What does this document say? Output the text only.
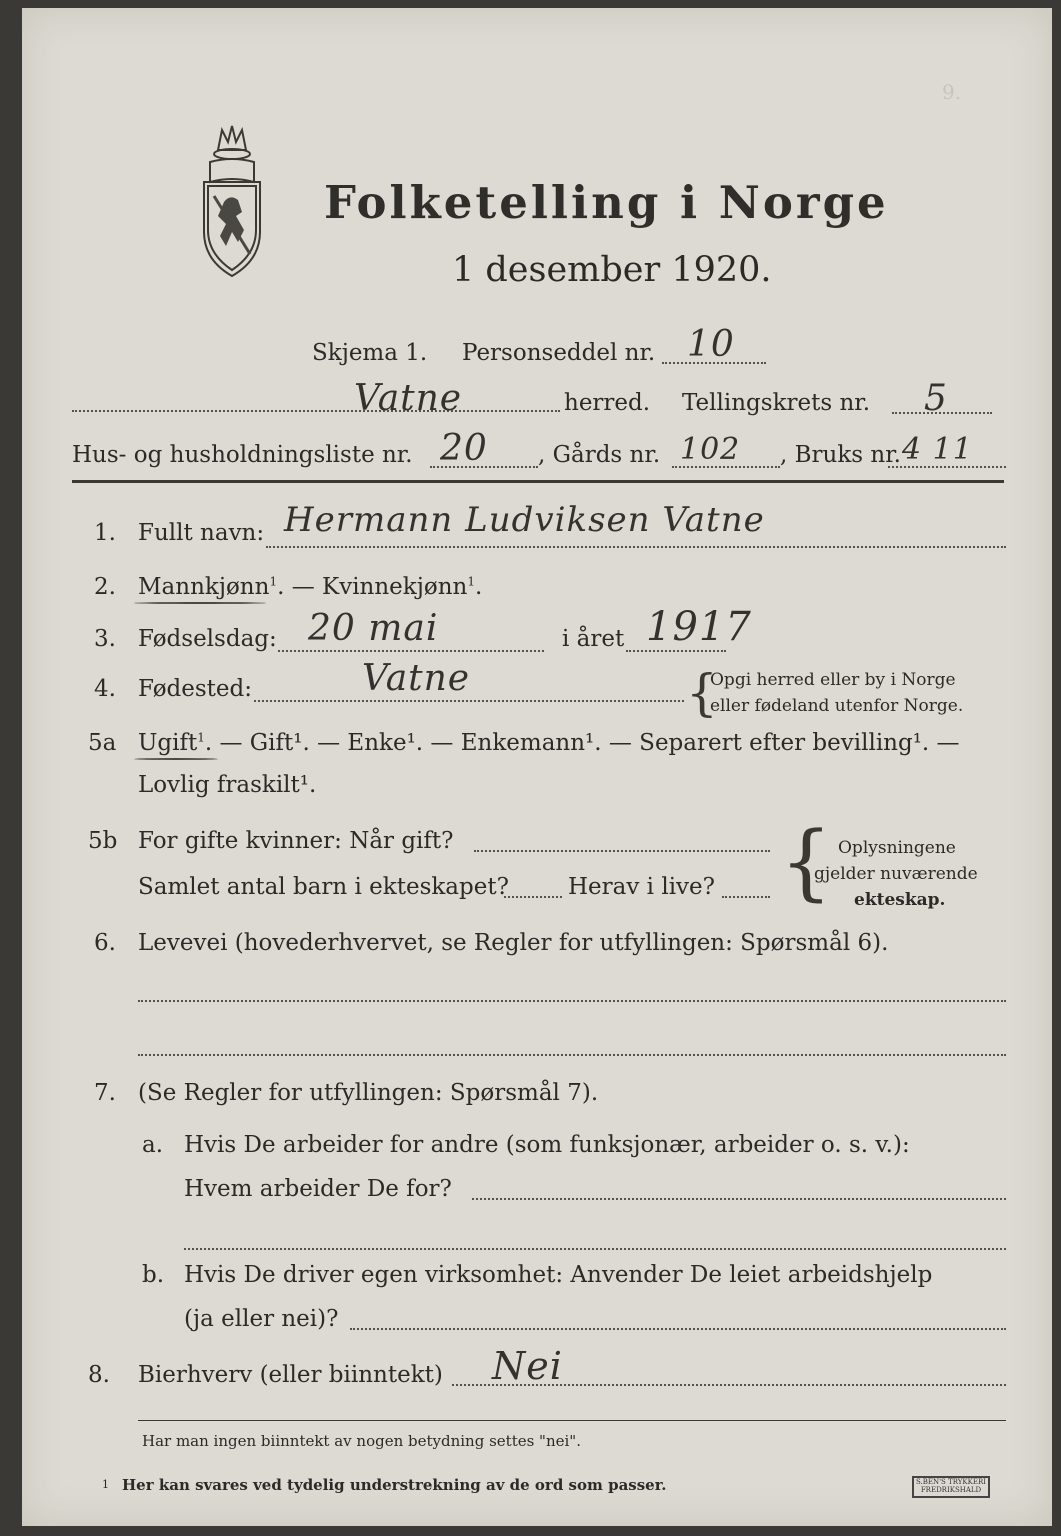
9.
Folketelling i Norge
1 desember 1920.
Skjema 1. Personseddel nr. 10
Vatne	herred. Tellingskrets nr. 5
Hus- og husholdningsliste nr. 20 , Gårds nr. 102 , Bruks nr. 4 11
1. Fullt navn: Hermann Ludviksen Vatne
2. Mannkjønn$^1$. — Kvinnekjønn$^1$.
3. Fødselsdag: 20 mai	i året 1917
4. Fødested:	Vatne	{
Opgi herred eller by i Norge
eller fødeland utenfor Norge.
5a Ugift$^1$. — Gift¹. — Enke¹. — Enkemann¹. — Separert efter bevilling¹. —
Lovlig fraskilt¹.
5b For gifte kvinner: Når gift?
Samlet antal barn i ekteskapet?	Herav i live? { Oplysningene
gjelder nuværende
ekteskap.
6. Levevei (hovederhvervet, se Regler for utfyllingen: Spørsmål 6).
7. (Se Regler for utfyllingen: Spørsmål 7).
a. Hvis De arbeider for andre (som funksjonær, arbeider o. s. v.):
Hvem arbeider De for?
b. Hvis De driver egen virksomhet: Anvender De leiet arbeidshjelp
(ja eller nei)?
8. Bierhverv (eller biinntekt) Nei
Har man ingen biinntekt av nogen betydning settes "nei".
1 Her kan svares ved tydelig understrekning av de ord som passer.	S.BEN'S TRYKKERI FREDRIKSHALD
